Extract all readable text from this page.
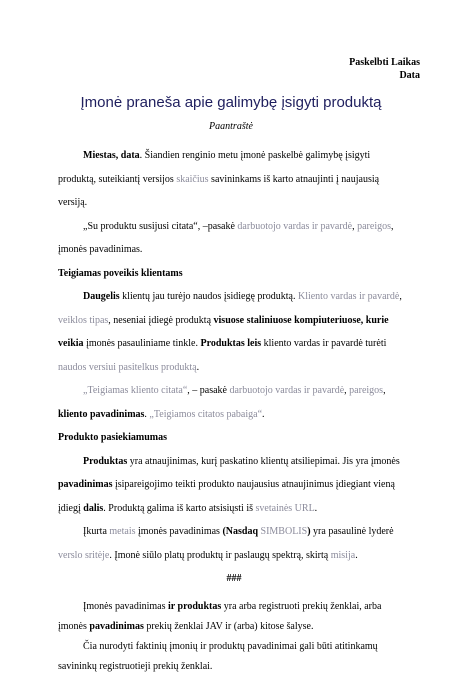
Paskelbti Laikas
Data
Įmonė praneša apie galimybę įsigyti produktą
Paantraštė

Miestas, data. Šiandien renginio metu įmonė paskelbė galimybę įsigyti produktą, suteikiantį versijos skaičius savininkams iš karto atnaujinti į naujausią versiją.

„Su produktu susijusi citata“, –pasakė darbuotojo vardas ir pavardė, pareigos, įmonės pavadinimas.

Teigiamas poveikis klientams

Daugelis klientų jau turėjo naudos įsidiegę produktą. Kliento vardas ir pavardė, veiklos tipas, neseniai įdiegė produktą visuose staliniuose kompiuteriuose, kurie veikia įmonės pasauliniame tinkle. Produktas leis kliento vardas ir pavardė turėti naudos versiui pasitelkus produktą.

„Teigiamas kliento citata“, – pasakė darbuotojo vardas ir pavardė, pareigos, kliento pavadinimas. „Teigiamos citatos pabaiga“.

Produkto pasiekiamumas

Produktas yra atnaujinimas, kurį paskatino klientų atsiliepimai. Jis yra įmonės pavadinimas įsipareigojimo teikti produkto naujausius atnaujinimus įdiegiant vieną įdiegį dalis. Produktą galima iš karto atsisiųsti iš svetainės URL.

Įkurta metais įmonės pavadinimas (Nasdaq SIMBOLIS) yra pasaulinė lyderė verslo sritėje. Įmonė siūlo platų produktų ir paslaugų spektrą, skirtą misija.

###

Įmonės pavadinimas ir produktas yra arba registruoti prekių ženklai, arba įmonės pavadinimas prekių ženklai JAV ir (arba) kitose šalyse.

Čia nurodyti faktinių įmonių ir produktų pavadinimai gali būti atitinkamų savininkų registruotieji prekių ženklai.
